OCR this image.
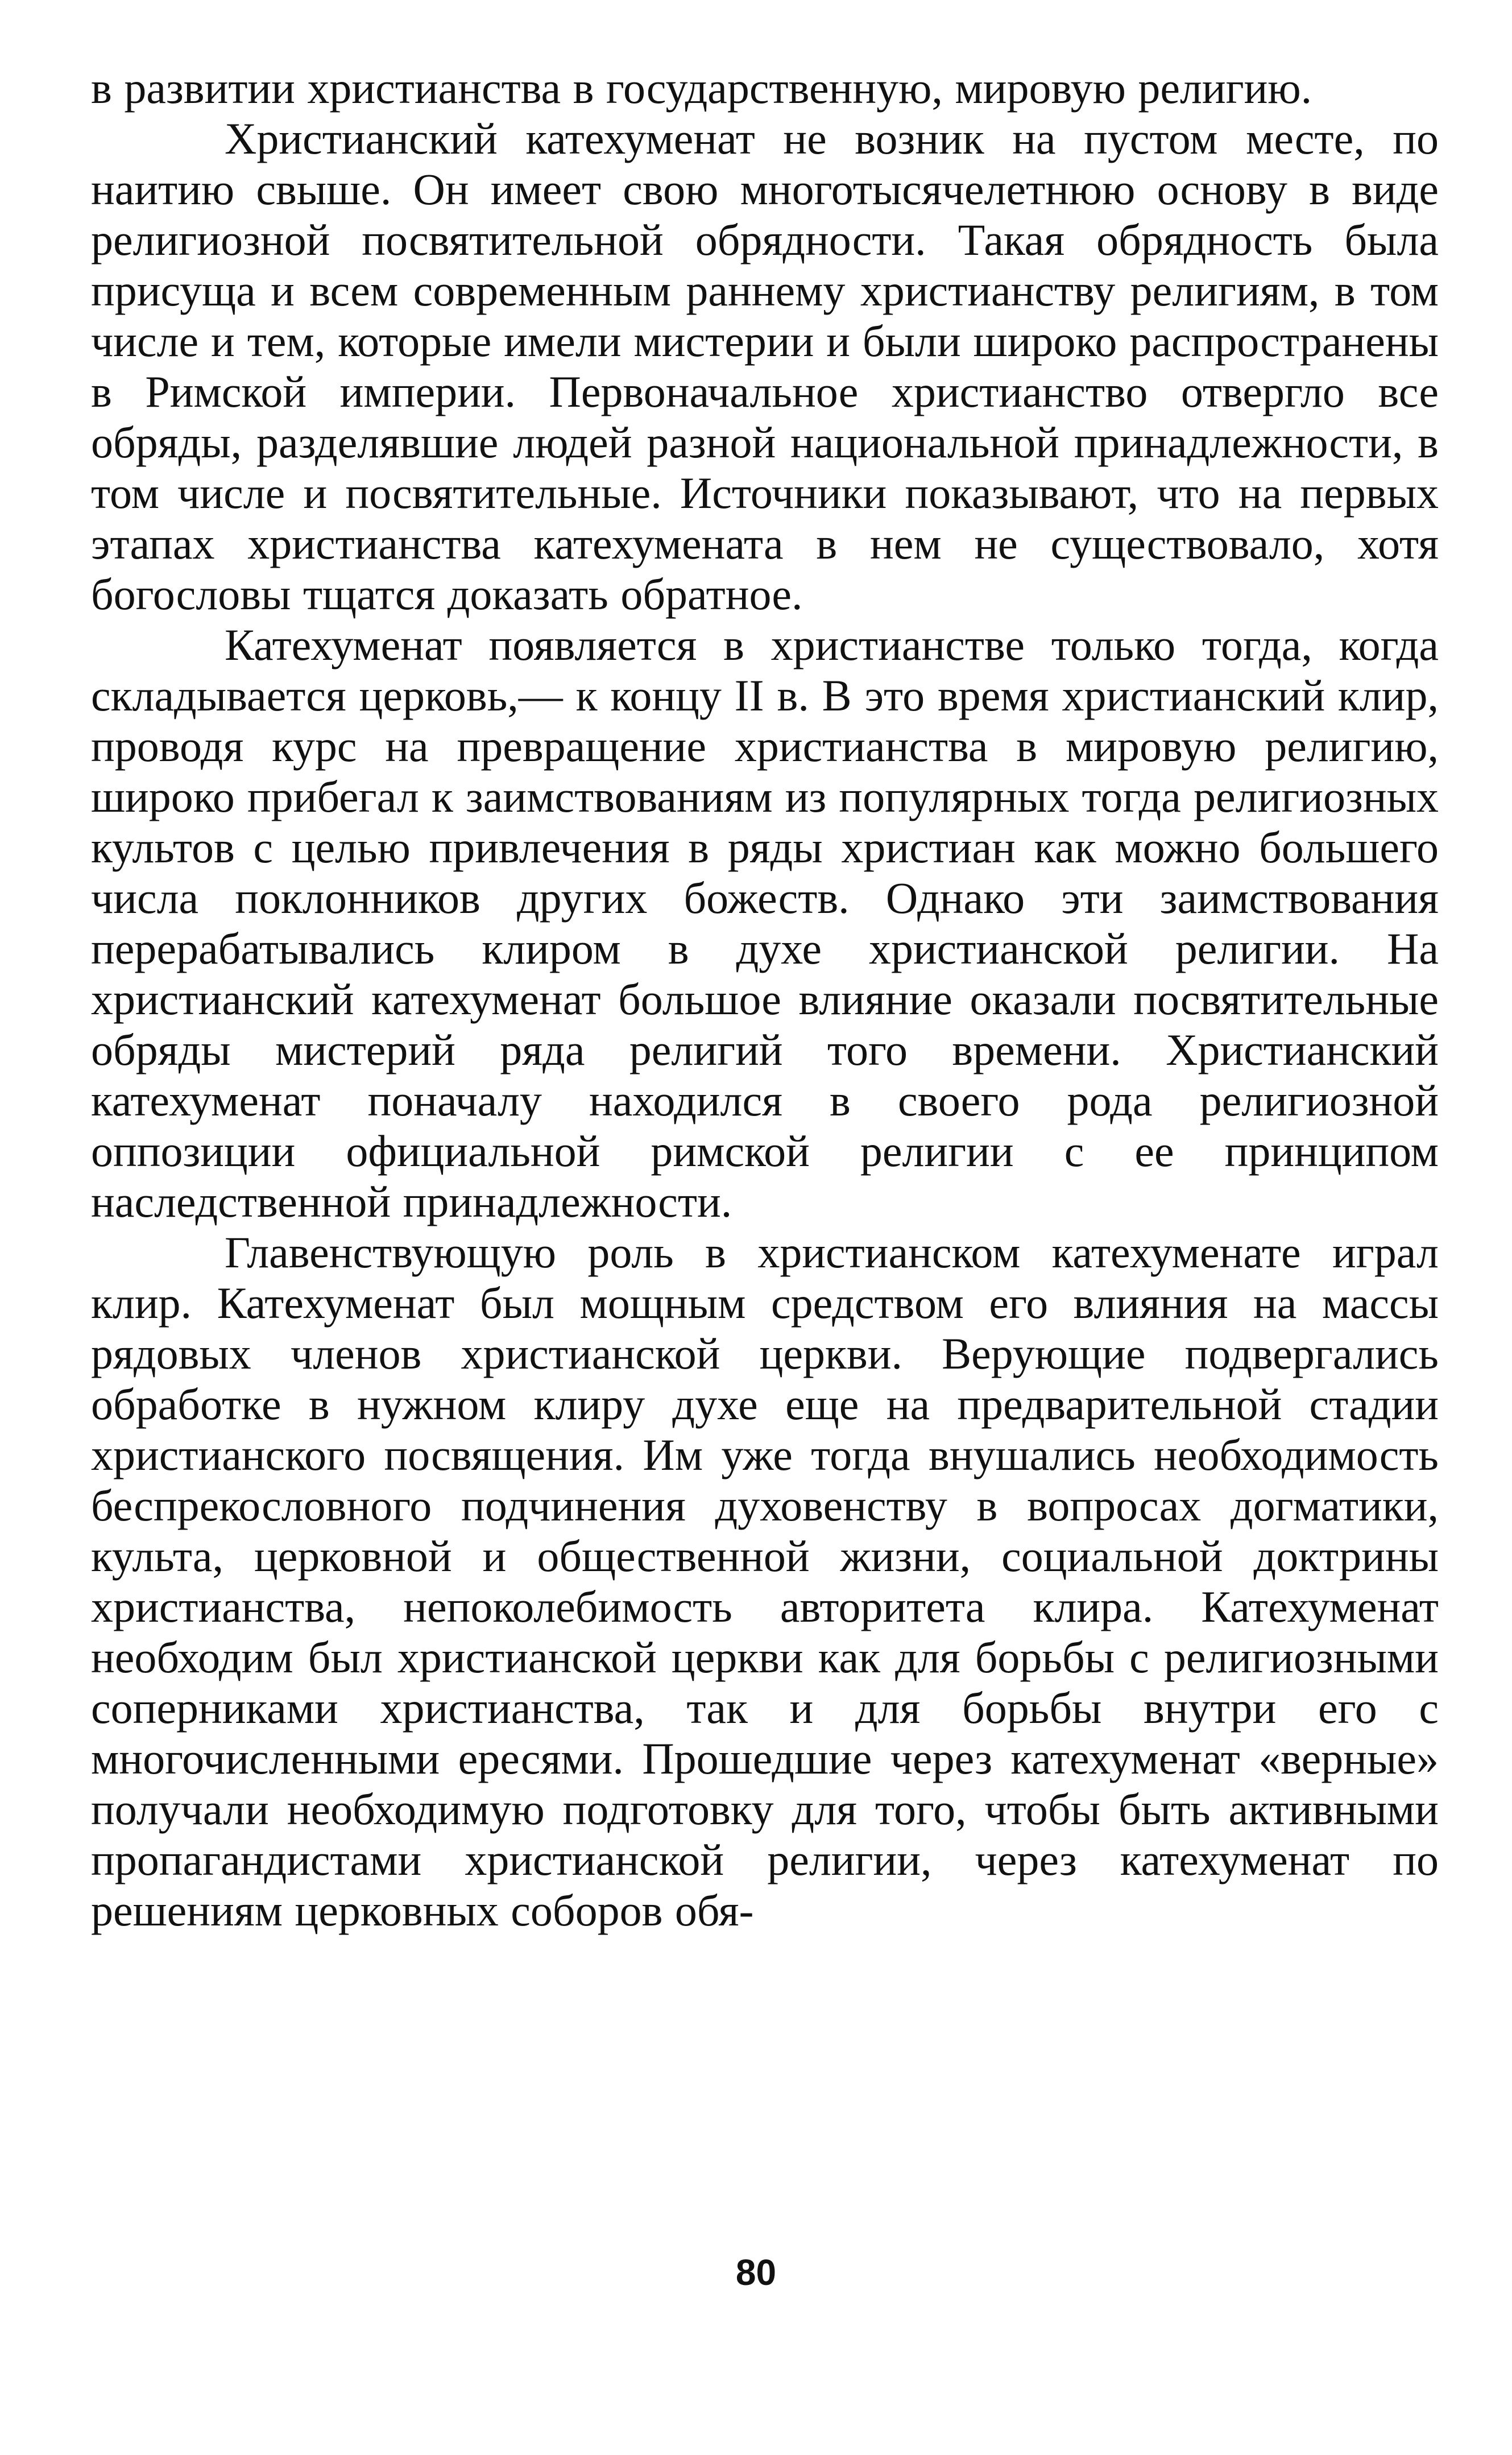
в развитии христианства в государственную, мировую религию.

Христианский катехуменат не возник на пустом месте, по наитию свыше. Он имеет свою многотысячелетнюю основу в виде религиозной посвятительной обрядности. Такая обрядность была присуща и всем современным раннему христианству религиям, в том числе и тем, которые имели мистерии и были широко распространены в Римской империи. Первоначальное христианство отвергло все обряды, разделявшие людей разной национальной принадлежности, в том числе и посвятительные. Источники показывают, что на первых этапах христианства катехумената в нем не существовало, хотя богословы тщатся доказать обратное.

Катехуменат появляется в христианстве только тогда, когда складывается церковь,— к концу II в. В это время христианский клир, проводя курс на превращение христианства в мировую религию, широко прибегал к заимствованиям из популярных тогда религиозных культов с целью привлечения в ряды христиан как можно большего числа поклонников других божеств. Однако эти заимствования перерабатывались клиром в духе христианской религии. На христианский катехуменат большое влияние оказали посвятительные обряды мистерий ряда религий того времени. Христианский катехуменат поначалу находился в своего рода религиозной оппозиции официальной римской религии с ее принципом наследственной принадлежности.

Главенствующую роль в христианском катехуменате играл клир. Катехуменат был мощным средством его влияния на массы рядовых членов христианской церкви. Верующие подвергались обработке в нужном клиру духе еще на предварительной стадии христианского посвящения. Им уже тогда внушались необходимость беспрекословного подчинения духовенству в вопросах догматики, культа, церковной и общественной жизни, социальной доктрины христианства, непоколебимость авторитета клира. Катехуменат необходим был христианской церкви как для борьбы с религиозными соперниками христианства, так и для борьбы внутри его с многочисленными ересями. Прошедшие через катехуменат «верные» получали необходимую подготовку для того, чтобы быть активными пропагандистами христианской религии, через катехуменат по решениям церковных соборов обя-

80
